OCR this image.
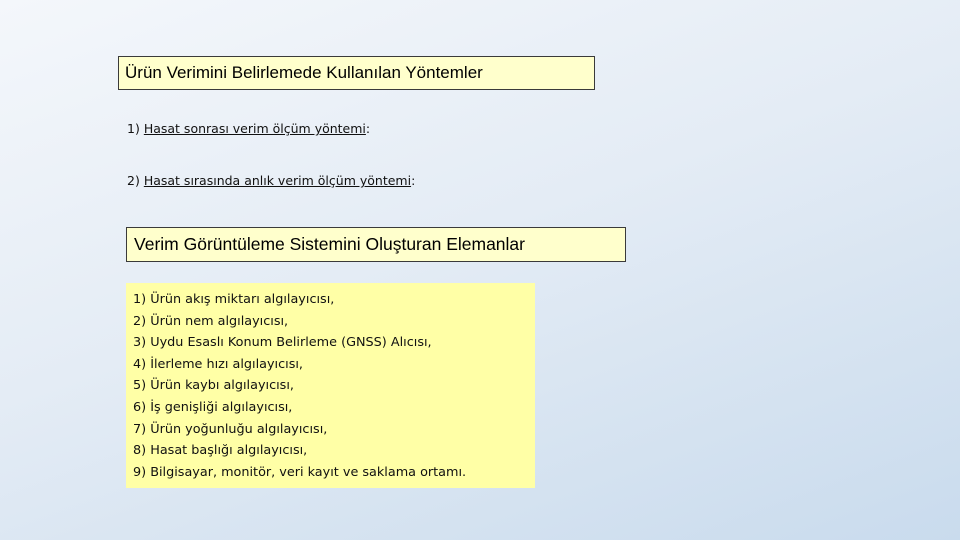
Ürün Verimini Belirlemede Kullanılan Yöntemler
1) Hasat sonrası verim ölçüm yöntemi:
2) Hasat sırasında anlık verim ölçüm yöntemi:
Verim Görüntüleme Sistemini Oluşturan Elemanlar
1) Ürün akış miktarı algılayıcısı,
2) Ürün nem algılayıcısı,
3) Uydu Esaslı Konum Belirleme (GNSS) Alıcısı,
4) İlerleme hızı algılayıcısı,
5) Ürün kaybı algılayıcısı,
6) İş genişliği algılayıcısı,
7) Ürün yoğunluğu algılayıcısı,
8) Hasat başlığı algılayıcısı,
9) Bilgisayar, monitör, veri kayıt ve saklama ortamı.
